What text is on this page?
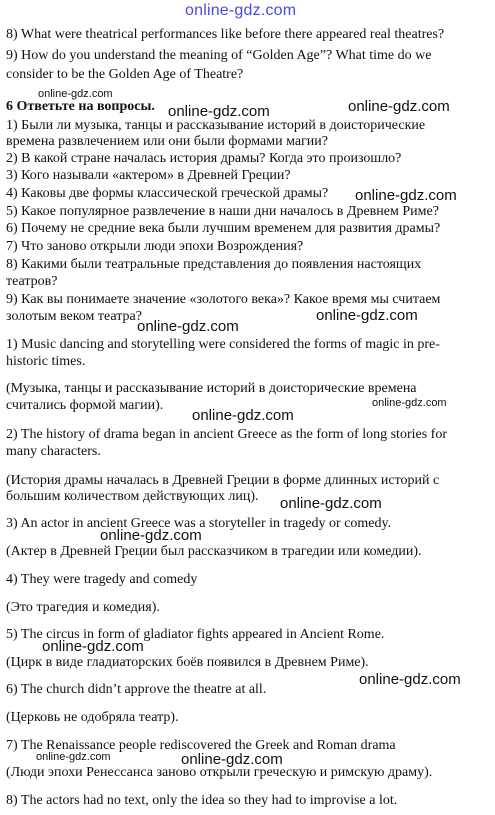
online-gdz.com
8) What were theatrical performances like before there appeared real theatres?
9) How do you understand the meaning of “Golden Age”? What time do we
consider to be the Golden Age of Theatre?
6 Ответьте на вопросы.
1) Были ли музыка, танцы и рассказывание историй в доисторические
времена развлечением или они были формами магии?
2) В какой стране началась история драмы? Когда это произошло?
3) Кого называли «актером» в Древней Греции?
4) Каковы две формы классической греческой драмы?
5) Какое популярное развлечение в наши дни началось в Древнем Риме?
6) Почему не средние века были лучшим временем для развития драмы?
7) Что заново открыли люди эпохи Возрождения?
8) Какими были театральные представления до появления настоящих
театров?
9) Как вы понимаете значение «золотого века»? Какое время мы считаем
золотым веком театра?
1) Music dancing and storytelling were considered the forms of magic in pre-
historic times.
(Музыка, танцы и рассказывание историй в доисторические времена
считались формой магии).
2) The history of drama began in ancient Greece as the form of long stories for
many characters.
(История драмы началась в Древней Греции в форме длинных историй с
большим количеством действующих лиц).
3) An actor in ancient Greece was a storyteller in tragedy or comedy.
(Актер в Древней Греции был рассказчиком в трагедии или комедии).
4) They were tragedy and comedy
(Это трагедия и комедия).
5) The circus in form of gladiator fights appeared in Ancient Rome.
(Цирк в виде гладиаторских боёв появился в Древнем Риме).
6) The church didn’t approve the theatre at all.
(Церковь не одобряла театр).
7) The Renaissance people rediscovered the Greek and Roman drama
(Люди эпохи Ренессанса заново открыли греческую и римскую драму).
8) The actors had no text, only the idea so they had to improvise a lot.
online-gdz.com
online-gdz.com	online-gdz.com
online-gdz.com
online-gdz.com
online-gdz.com
online-gdz.com
online-gdz.com
online-gdz.com
online-gdz.com
online-gdz.com
online-gdz.com
online-gdz.com	online-gdz.com
